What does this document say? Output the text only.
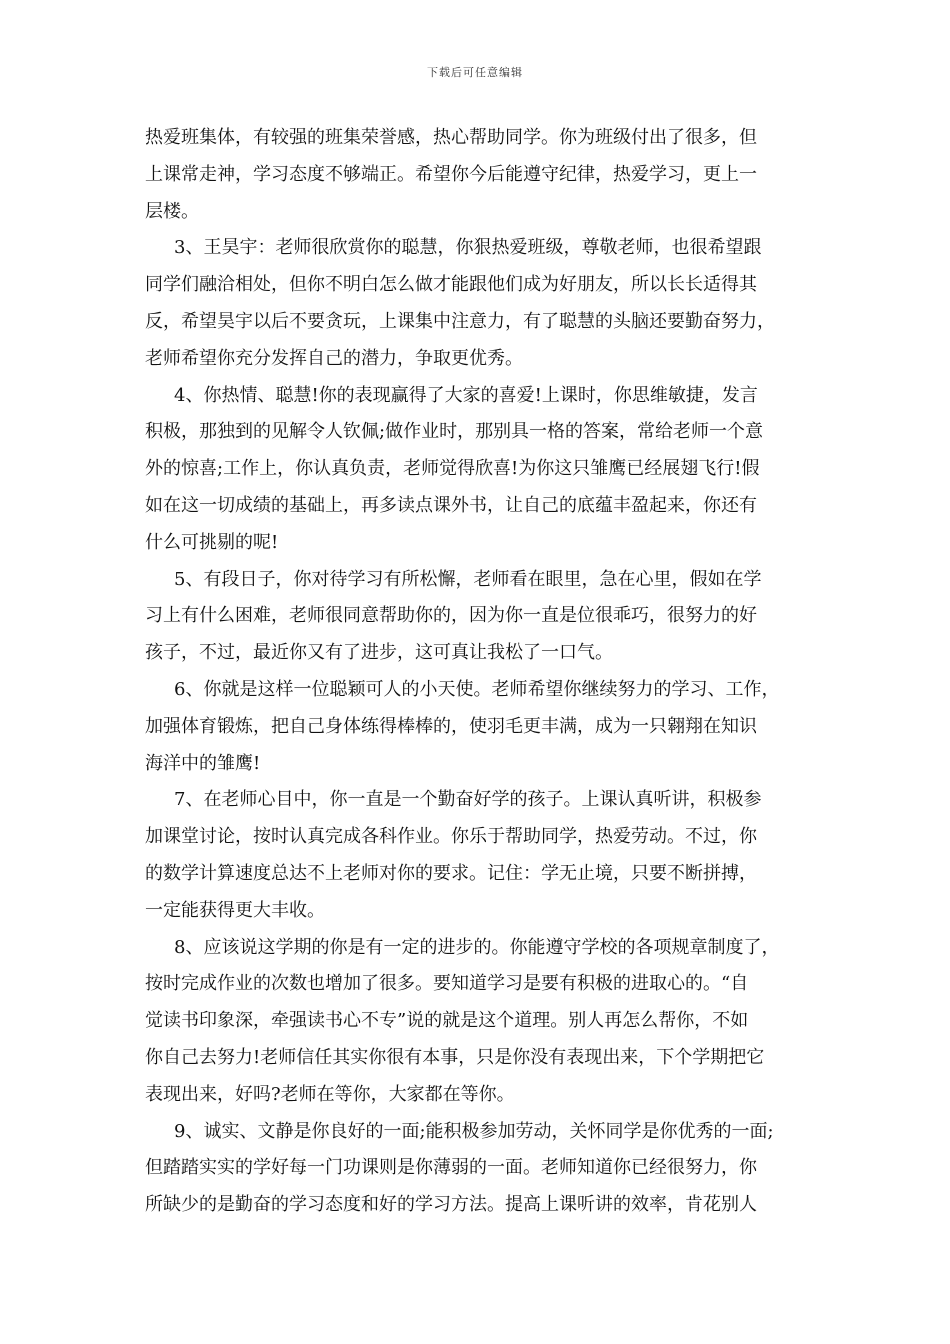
下载后可任意编辑
热爱班集体，有较强的班集荣誉感，热心帮助同学。你为班级付出了很多，但
上课常走神，学习态度不够端正。希望你今后能遵守纪律，热爱学习，更上一
层楼。
3、王昊宇：老师很欣赏你的聪慧，你狠热爱班级，尊敬老师，也很希望跟
同学们融洽相处，但你不明白怎么做才能跟他们成为好朋友，所以长长适得其
反，希望昊宇以后不要贪玩，上课集中注意力，有了聪慧的头脑还要勤奋努力，
老师希望你充分发挥自己的潜力，争取更优秀。
4、你热情、聪慧!你的表现赢得了大家的喜爱!上课时，你思维敏捷，发言
积极，那独到的见解令人钦佩;做作业时，那别具一格的答案，常给老师一个意
外的惊喜;工作上，你认真负责，老师觉得欣喜!为你这只雏鹰已经展翅飞行!假
如在这一切成绩的基础上，再多读点课外书，让自己的底蕴丰盈起来，你还有
什么可挑剔的呢!
5、有段日子，你对待学习有所松懈，老师看在眼里，急在心里，假如在学
习上有什么困难，老师很同意帮助你的，因为你一直是位很乖巧，很努力的好
孩子，不过，最近你又有了进步，这可真让我松了一口气。
6、你就是这样一位聪颖可人的小天使。老师希望你继续努力的学习、工作，
加强体育锻炼，把自己身体练得棒棒的，使羽毛更丰满，成为一只翱翔在知识
海洋中的雏鹰!
7、在老师心目中，你一直是一个勤奋好学的孩子。上课认真听讲，积极参
加课堂讨论，按时认真完成各科作业。你乐于帮助同学，热爱劳动。不过，你
的数学计算速度总达不上老师对你的要求。记住：学无止境，只要不断拼搏，
一定能获得更大丰收。
8、应该说这学期的你是有一定的进步的。你能遵守学校的各项规章制度了，
按时完成作业的次数也增加了很多。要知道学习是要有积极的进取心的。“自
觉读书印象深，牵强读书心不专”说的就是这个道理。别人再怎么帮你，不如
你自己去努力!老师信任其实你很有本事，只是你没有表现出来，下个学期把它
表现出来，好吗?老师在等你，大家都在等你。
9、诚实、文静是你良好的一面;能积极参加劳动，关怀同学是你优秀的一面;
但踏踏实实的学好每一门功课则是你薄弱的一面。老师知道你已经很努力，你
所缺少的是勤奋的学习态度和好的学习方法。提高上课听讲的效率，肯花别人
